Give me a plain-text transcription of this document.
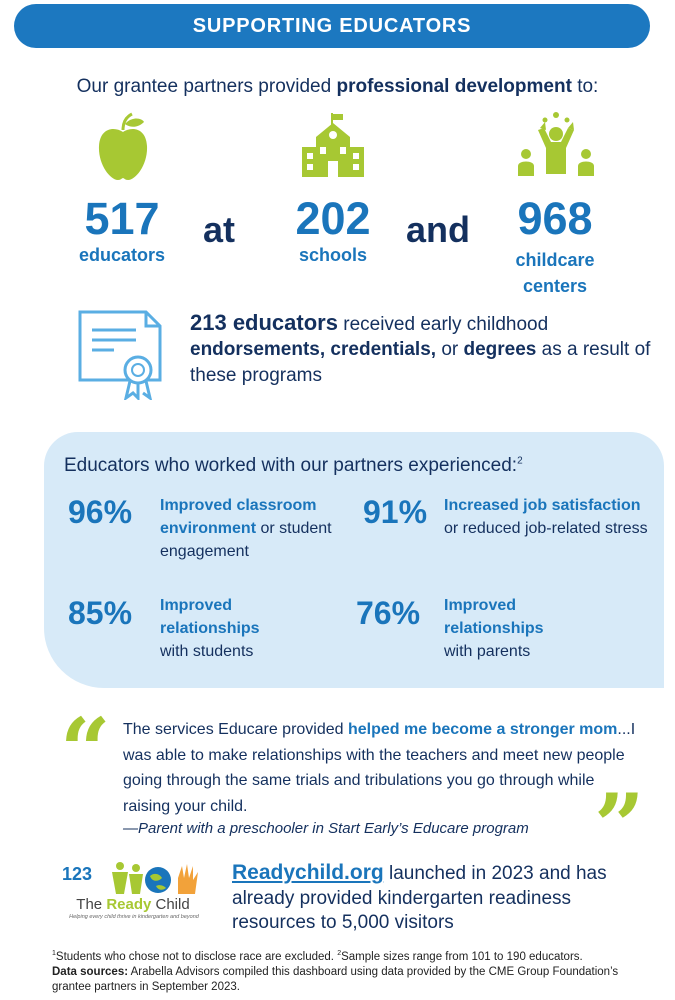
SUPPORTING EDUCATORS
Our grantee partners provided professional development to:
517
educators
at	202
schools
and	968
childcare
centers
213 educators received early childhood endorsements, credentials, or degrees as a result of these programs
Educators who worked with our partners experienced:$^2$
96% Improved classroom environment or student engagement
91% Increased job satisfaction or reduced job-related stress
85% Improved relationships with students
76% Improved relationships with parents
“ The services Educare provided helped me become a stronger mom...I was able to make relationships with the teachers and meet new people going through the same trials and tribulations you go through while raising your child.
—Parent with a preschooler in Start Early’s Educare program ”
123
The Ready Child
Helping every child thrive in kindergarten and beyond
Readychild.org launched in 2023 and has already provided kindergarten readiness resources to 5,000 visitors
$^1$Students who chose not to disclose race are excluded. $^2$Sample sizes range from 101 to 190 educators.
Data sources: Arabella Advisors compiled this dashboard using data provided by the CME Group Foundation’s grantee partners in September 2023.
